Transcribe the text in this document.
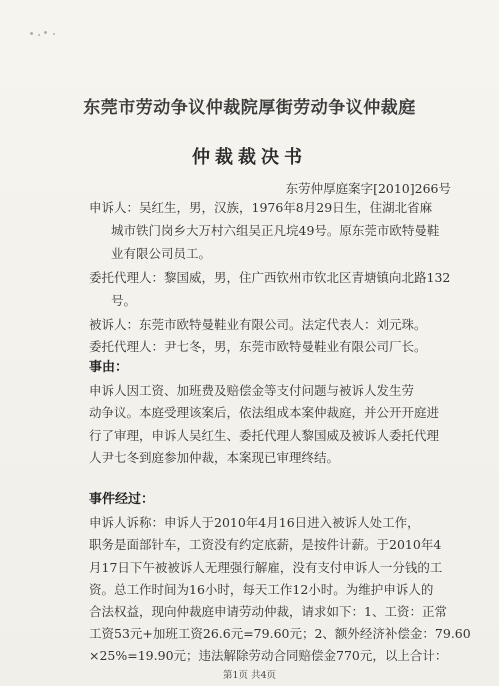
东莞市劳动争议仲裁院厚街劳动争议仲裁庭
仲裁裁决书
东劳仲厚庭案字[2010]266号
申诉人：吴红生，男，汉族，1976年8月29日生，住湖北省麻
城市铁门岗乡大万村六组吴正凡垸49号。原东莞市欧特曼鞋
业有限公司员工。
委托代理人：黎国威，男，住广西钦州市钦北区青塘镇向北路132
号。
被诉人：东莞市欧特曼鞋业有限公司。法定代表人：刘元珠。
委托代理人：尹七冬，男，东莞市欧特曼鞋业有限公司厂长。
事由：
申诉人因工资、加班费及赔偿金等支付问题与被诉人发生劳
动争议。本庭受理该案后，依法组成本案仲裁庭，并公开开庭进
行了审理，申诉人吴红生、委托代理人黎国威及被诉人委托代理
人尹七冬到庭参加仲裁，本案现已审理终结。
事件经过：
申诉人诉称：申诉人于2010年4月16日进入被诉人处工作，
职务是面部针车，工资没有约定底薪，是按件计薪。于2010年4
月17日下午被被诉人无理强行解雇，没有支付申诉人一分钱的工
资。总工作时间为16小时，每天工作12小时。为维护申诉人的
合法权益，现向仲裁庭申请劳动仲裁，请求如下：1、工资：正常
工资53元+加班工资26.6元=79.60元；2、额外经济补偿金：79.60
×25%=19.90元；违法解除劳动合同赔偿金770元，以上合计：
第1页 共4页
